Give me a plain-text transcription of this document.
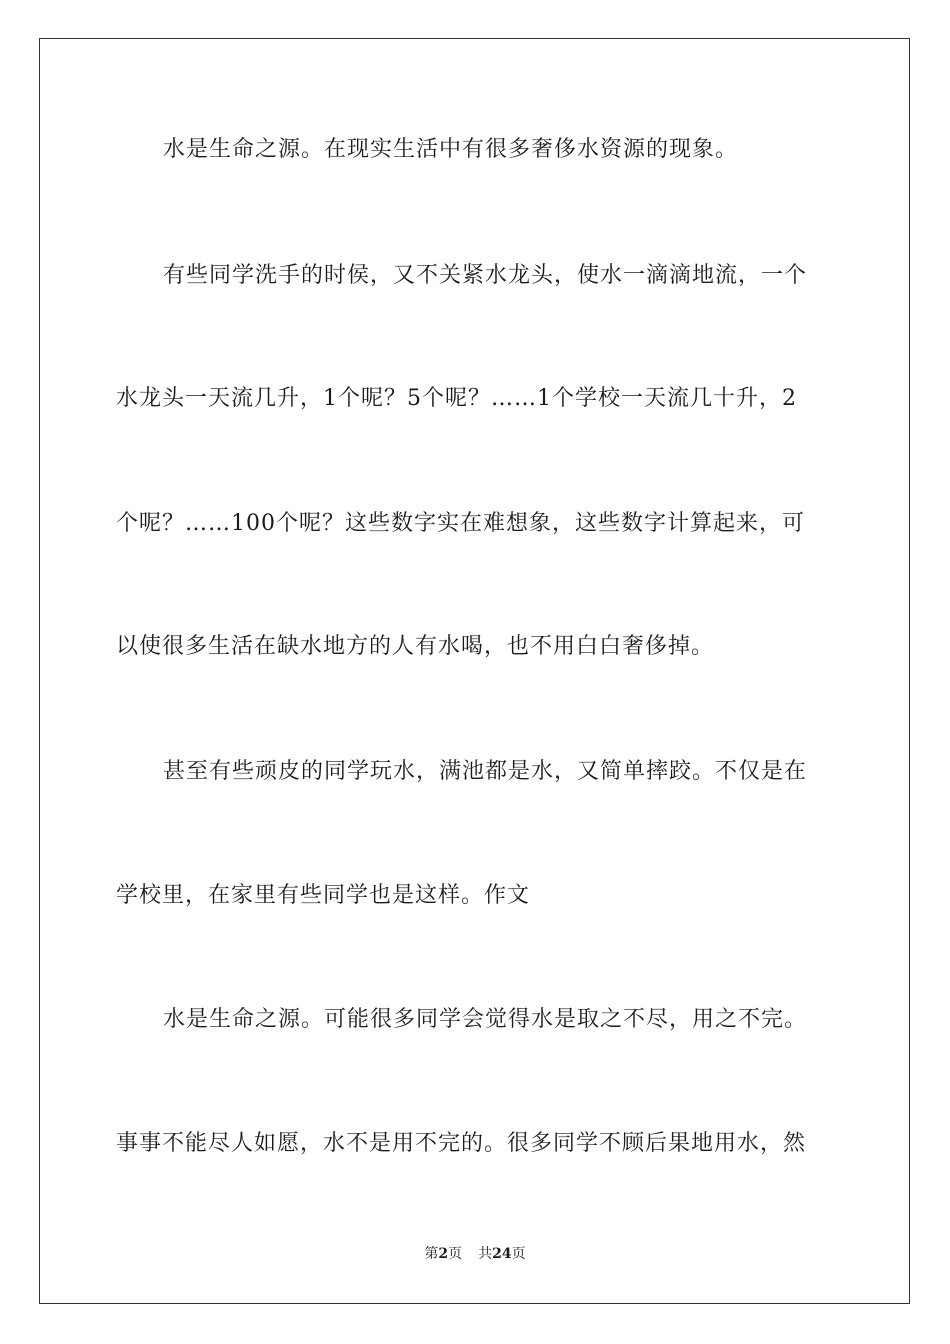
水是生命之源。在现实生活中有很多奢侈水资源的现象。
有些同学洗手的时侯，又不关紧水龙头，使水一滴滴地流，一个
水龙头一天流几升，1个呢？5个呢？……1个学校一天流几十升，2
个呢？……100个呢？这些数字实在难想象，这些数字计算起来，可
以使很多生活在缺水地方的人有水喝，也不用白白奢侈掉。
甚至有些顽皮的同学玩水，满池都是水，又简单摔跤。不仅是在
学校里，在家里有些同学也是这样。作文
水是生命之源。可能很多同学会觉得水是取之不尽，用之不完。
事事不能尽人如愿，水不是用不完的。很多同学不顾后果地用水，然
第2页 共24页
